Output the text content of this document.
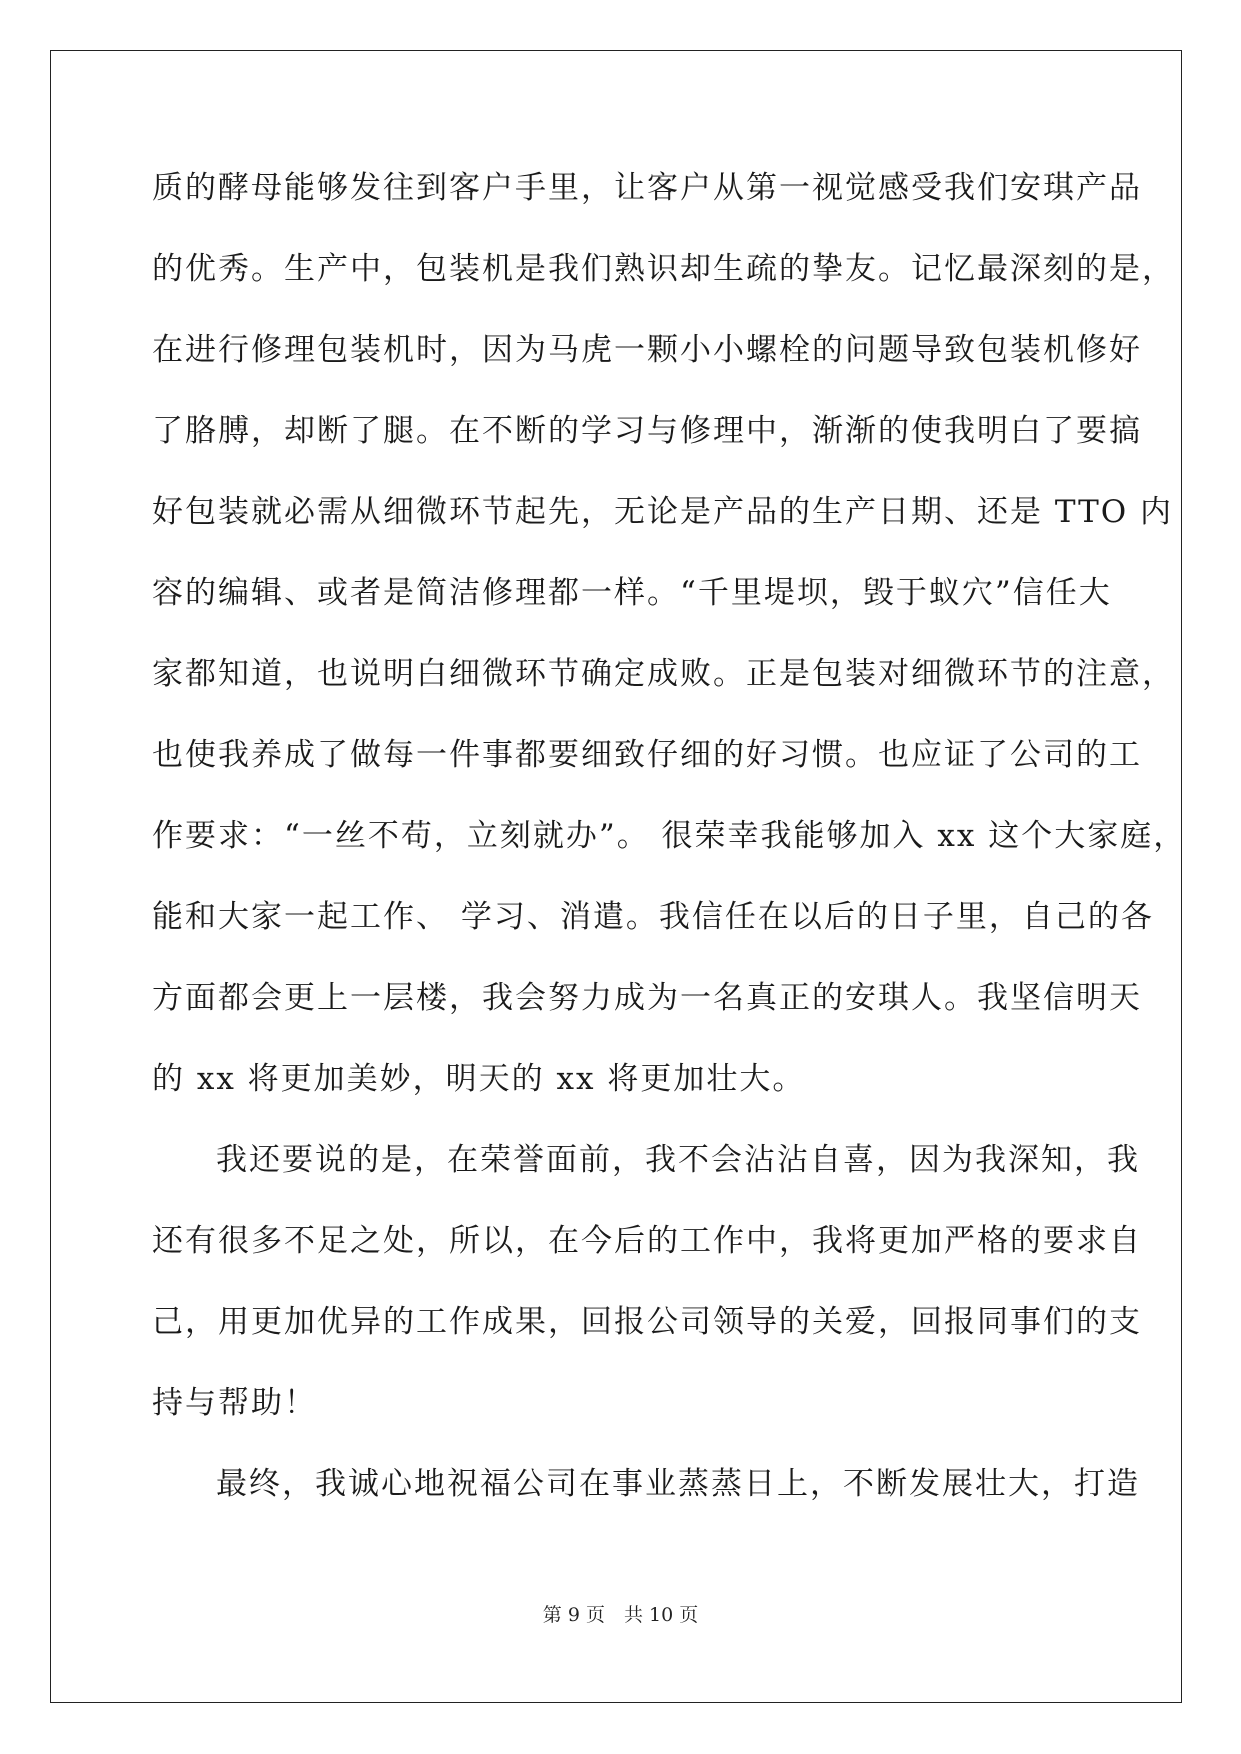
质的酵母能够发往到客户手里，让客户从第一视觉感受我们安琪产品
的优秀。生产中，包装机是我们熟识却生疏的挚友。记忆最深刻的是，
在进行修理包装机时，因为马虎一颗小小螺栓的问题导致包装机修好
了胳膊，却断了腿。在不断的学习与修理中，渐渐的使我明白了要搞
好包装就必需从细微环节起先，无论是产品的生产日期、还是 TTO 内
容的编辑、或者是简洁修理都一样。“千里堤坝，毁于蚁穴”信任大
家都知道，也说明白细微环节确定成败。正是包装对细微环节的注意，
也使我养成了做每一件事都要细致仔细的好习惯。也应证了公司的工
作要求：“一丝不苟，立刻就办”。 很荣幸我能够加入 xx 这个大家庭，
能和大家一起工作、 学习、消遣。我信任在以后的日子里，自己的各
方面都会更上一层楼，我会努力成为一名真正的安琪人。我坚信明天
的 xx 将更加美妙，明天的 xx 将更加壮大。
我还要说的是，在荣誉面前，我不会沾沾自喜，因为我深知，我
还有很多不足之处，所以，在今后的工作中，我将更加严格的要求自
己，用更加优异的工作成果，回报公司领导的关爱，回报同事们的支
持与帮助！
最终，我诚心地祝福公司在事业蒸蒸日上，不断发展壮大，打造
第 9 页　共 10 页
